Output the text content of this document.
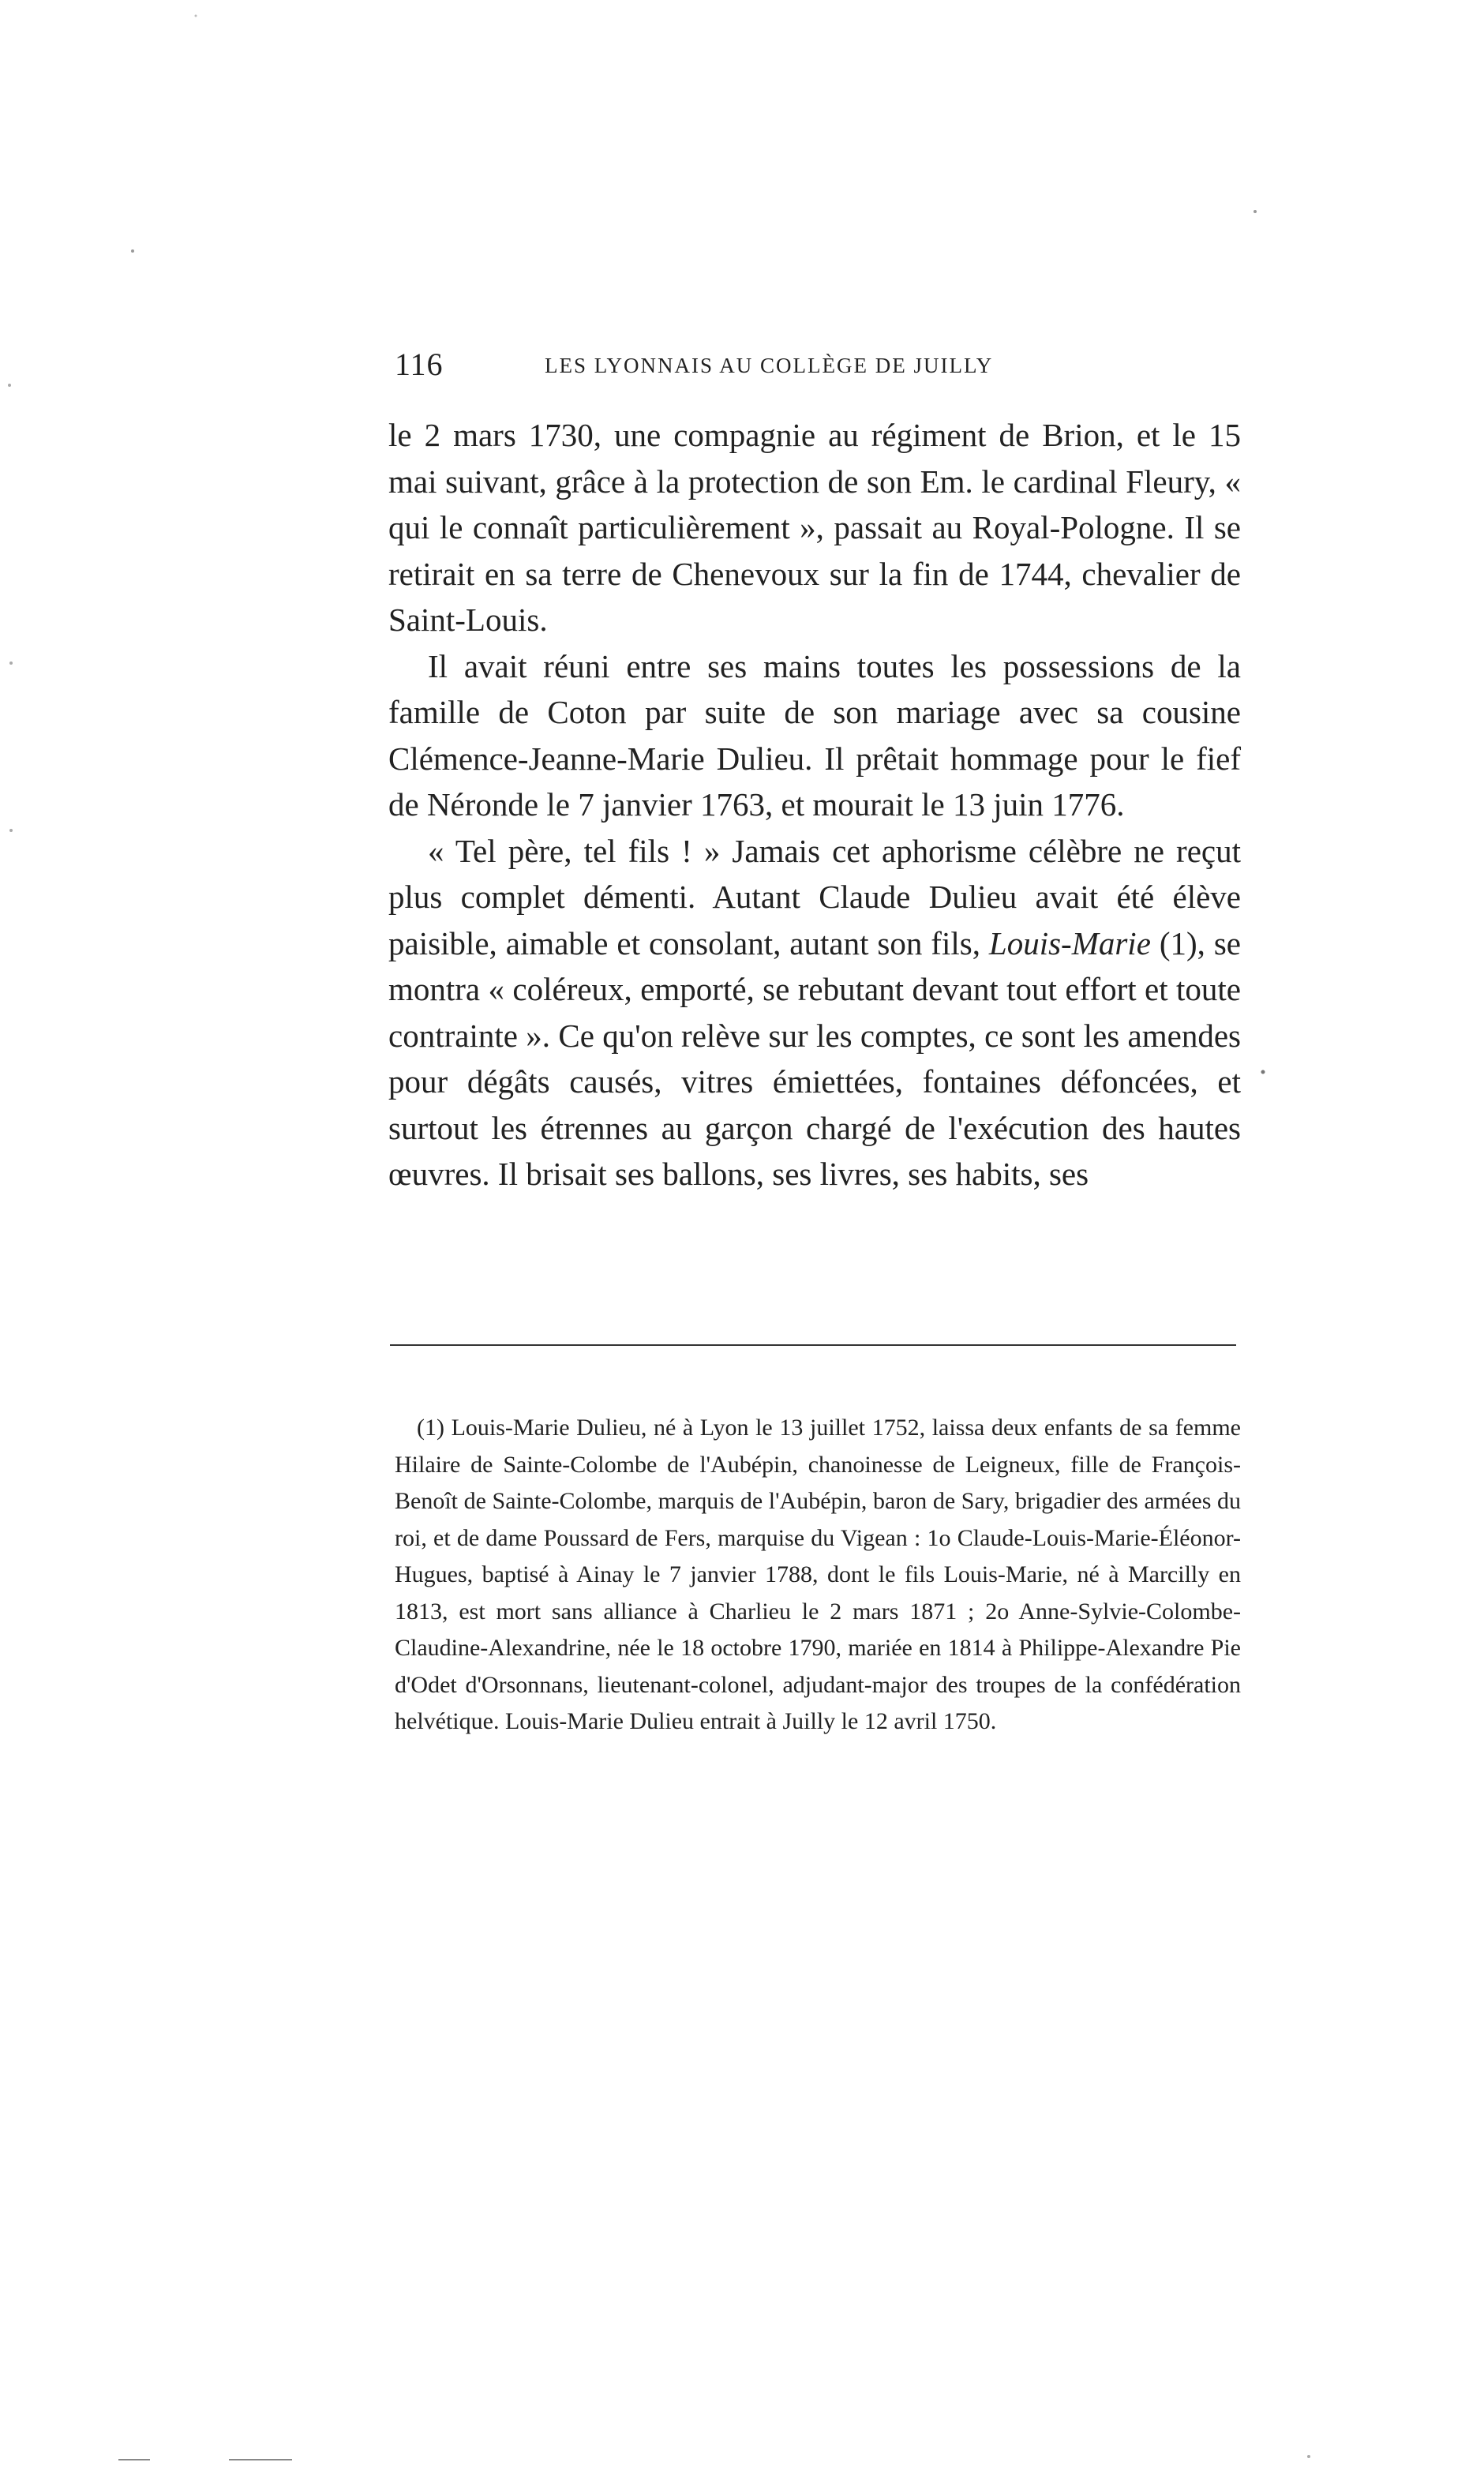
116	LES LYONNAIS AU COLLÈGE DE JUILLY

le 2 mars 1730, une compagnie au régiment de Brion, et le 15 mai suivant, grâce à la protection de son Em. le cardinal Fleury, « qui le connaît particulièrement », passait au Royal-Pologne. Il se retirait en sa terre de Chenevoux sur la fin de 1744, chevalier de Saint-Louis.

Il avait réuni entre ses mains toutes les possessions de la famille de Coton par suite de son mariage avec sa cousine Clémence-Jeanne-Marie Dulieu. Il prêtait hommage pour le fief de Néronde le 7 janvier 1763, et mourait le 13 juin 1776.

« Tel père, tel fils ! » Jamais cet aphorisme célèbre ne reçut plus complet démenti. Autant Claude Dulieu avait été élève paisible, aimable et consolant, autant son fils, Louis-Marie (1), se montra « coléreux, emporté, se rebutant devant tout effort et toute contrainte ». Ce qu'on relève sur les comptes, ce sont les amendes pour dégâts causés, vitres émiettées, fontaines défoncées, et surtout les étrennes au garçon chargé de l'exécution des hautes œuvres. Il brisait ses ballons, ses livres, ses habits, ses

(1) Louis-Marie Dulieu, né à Lyon le 13 juillet 1752, laissa deux enfants de sa femme Hilaire de Sainte-Colombe de l'Aubépin, chanoinesse de Leigneux, fille de François-Benoît de Sainte-Colombe, marquis de l'Aubépin, baron de Sary, brigadier des armées du roi, et de dame Poussard de Fers, marquise du Vigean : 1o Claude-Louis-Marie-Éléonor-Hugues, baptisé à Ainay le 7 janvier 1788, dont le fils Louis-Marie, né à Marcilly en 1813, est mort sans alliance à Charlieu le 2 mars 1871 ; 2o Anne-Sylvie-Colombe-Claudine-Alexandrine, née le 18 octobre 1790, mariée en 1814 à Philippe-Alexandre Pie d'Odet d'Orsonnans, lieutenant-colonel, adjudant-major des troupes de la confédération helvétique. Louis-Marie Dulieu entrait à Juilly le 12 avril 1750.
